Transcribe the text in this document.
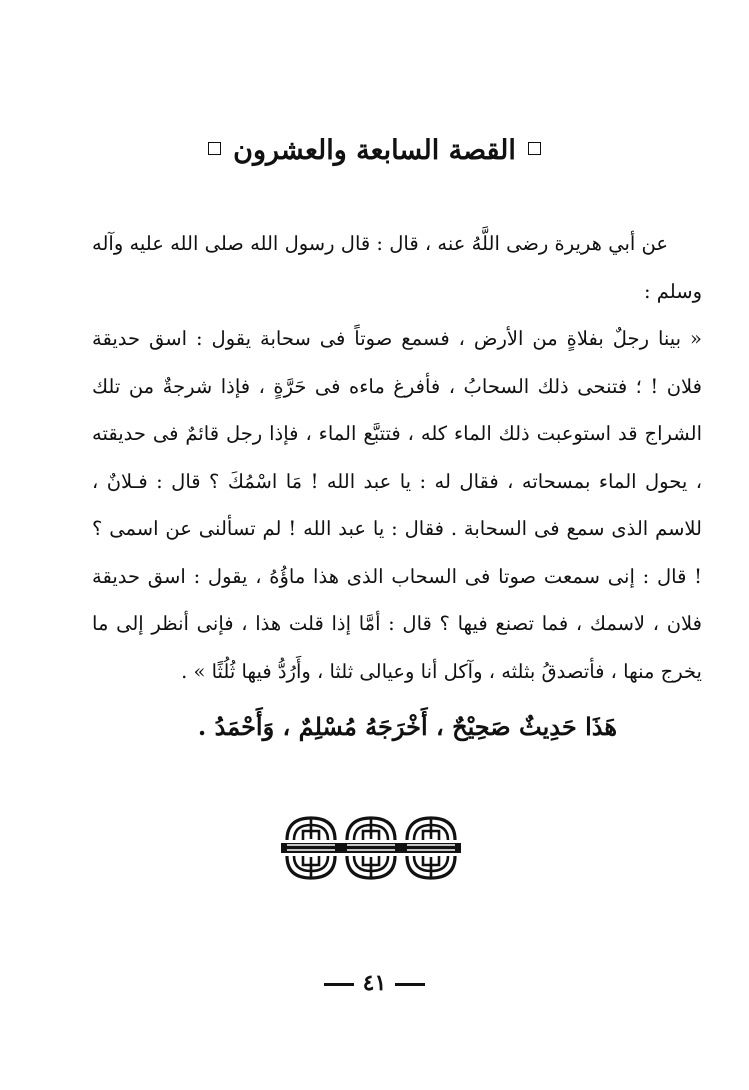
القصة السابعة والعشرون

عن أبي هريرة رضى اللَّهُ عنه ، قال : قال رسول الله صلى الله عليه وآله وسلم :

« بينا رجلٌ بفلاةٍ من الأرض ، فسمع صوتاً فى سحابة يقول : اسق حديقة فلان ! ؛ فتنحى ذلك السحابُ ، فأفرغ ماءه فى حَرَّةٍ ، فإذا شرجةٌ من تلك الشراج قد استوعبت ذلك الماء كله ، فتتبَّع الماء ، فإذا رجل قائمٌ فى حديقته ، يحول الماء بمسحاته ، فقال له : يا عبد الله ! مَا اسْمُكَ ؟ قال : فـلانٌ ، للاسم الذى سمع فى السحابة . فقال : يا عبد الله ! لم تسألنى عن اسمى ؟ ! قال : إنى سمعت صوتا فى السحاب الذى هذا ماؤُهُ ، يقول : اسق حديقة فلان ، لاسمك ، فما تصنع فيها ؟ قال : أمَّا إذا قلت هذا ، فإنى أنظر إلى ما يخرج منها ، فأتصدقُ بثلثه ، وآكل أنا وعيالى ثلثا ، وأَرُدُّ فيها ثُلُثًا » .

هَذَا حَدِيثٌ صَحِيْحٌ ، أَخْرَجَهُ مُسْلِمٌ ، وَأَحْمَدُ .
٤١
